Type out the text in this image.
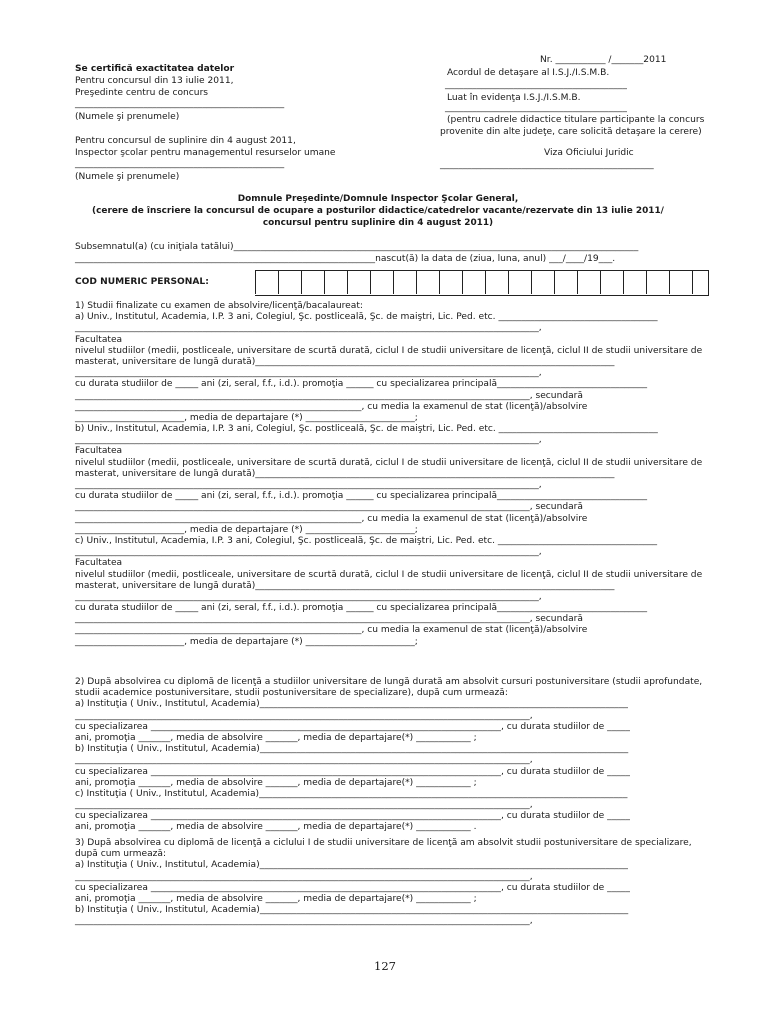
Se certifică exactitatea datelor
Pentru concursul din 13 iulie 2011,
Preşedinte centru de concurs
______________________________________________
(Numele şi prenumele)
Pentru concursul de suplinire din 4 august 2011,
Inspector şcolar pentru managementul resurselor umane
______________________________________________
(Numele şi prenumele)
Nr. ___________ /_______2011
Acordul de detaşare al I.S.J./I.S.M.B.
________________________________________
Luat în evidenţa I.S.J./I.S.M.B.
________________________________________
(pentru cadrele didactice titulare participante la concurs
provenite din alte judeţe, care solicită detaşare la cerere)
Viza Oficiului Juridic
_______________________________________________
Domnule Preşedinte/Domnule Inspector Şcolar General,
(cerere de înscriere la concursul de ocupare a posturilor didactice/catedrelor vacante/rezervate din 13 iulie 2011/
concursul pentru suplinire din 4 august 2011)
Subsemnatul(a) (cu iniţiala tatălui)_________________________________________________________________________________________
__________________________________________________________________nascut(ă) la data de (ziua, luna, anul) ___/____/19___.
COD NUMERIC PERSONAL:
1) Studii finalizate cu examen de absolvire/licenţă/bacalaureat:
a) Univ., Institutul, Academia, I.P. 3 ani, Colegiul, Şc. postliceală, Şc. de maiştri, Lic. Ped. etc. ___________________________________
______________________________________________________________________________________________________,
Facultatea
nivelul studiilor (medii, postliceale, universitare de scurtă durată, ciclul I de studii universitare de licenţă, ciclul II de studii universitare de
masterat, universitare de lungă durată)_______________________________________________________________________________
______________________________________________________________________________________________________,
cu durata studiilor de _____ ani (zi, seral, f.f., i.d.). promoţia ______ cu specializarea principală_________________________________
____________________________________________________________________________________________________, secundară
_______________________________________________________________, cu media la examenul de stat (licenţă)/absolvire
________________________, media de departajare (*) ________________________;
b) Univ., Institutul, Academia, I.P. 3 ani, Colegiul, Şc. postliceală, Şc. de maiştri, Lic. Ped. etc. ___________________________________
______________________________________________________________________________________________________,
Facultatea
nivelul studiilor (medii, postliceale, universitare de scurtă durată, ciclul I de studii universitare de licenţă, ciclul II de studii universitare de
masterat, universitare de lungă durată)_______________________________________________________________________________
______________________________________________________________________________________________________,
cu durata studiilor de _____ ani (zi, seral, f.f., i.d.). promoţia ______ cu specializarea principală_________________________________
____________________________________________________________________________________________________, secundară
_______________________________________________________________, cu media la examenul de stat (licenţă)/absolvire
________________________, media de departajare (*) ________________________;
c) Univ., Institutul, Academia, I.P. 3 ani, Colegiul, Şc. postliceală, Şc. de maiştri, Lic. Ped. etc. ___________________________________
______________________________________________________________________________________________________,
Facultatea
nivelul studiilor (medii, postliceale, universitare de scurtă durată, ciclul I de studii universitare de licenţă, ciclul II de studii universitare de
masterat, universitare de lungă durată)_______________________________________________________________________________
______________________________________________________________________________________________________,
cu durata studiilor de _____ ani (zi, seral, f.f., i.d.). promoţia ______ cu specializarea principală_________________________________
____________________________________________________________________________________________________, secundară
_______________________________________________________________, cu media la examenul de stat (licenţă)/absolvire
________________________, media de departajare (*) ________________________;
2) După absolvirea cu diplomă de licenţă a studiilor universitare de lungă durată am absolvit cursuri postuniversitare (studii aprofundate,
studii academice postuniversitare, studii postuniversitare de specializare), după cum urmează:
a) Instituţia ( Univ., Institutul, Academia)_________________________________________________________________________________
____________________________________________________________________________________________________,
cu specializarea _____________________________________________________________________________, cu durata studiilor de _____
ani, promoţia _______, media de absolvire _______, media de departajare(*) ____________ ;
b) Instituţia ( Univ., Institutul, Academia)_________________________________________________________________________________
____________________________________________________________________________________________________,
cu specializarea _____________________________________________________________________________, cu durata studiilor de _____
ani, promoţia _______, media de absolvire _______, media de departajare(*) ____________ ;
c) Instituţia ( Univ., Institutul, Academia)_________________________________________________________________________________
____________________________________________________________________________________________________,
cu specializarea _____________________________________________________________________________, cu durata studiilor de _____
ani, promoţia _______, media de absolvire _______, media de departajare(*) ____________ .
3) După absolvirea cu diplomă de licenţă a ciclului I de studii universitare de licenţă am absolvit studii postuniversitare de specializare,
după cum urmează:
a) Instituţia ( Univ., Institutul, Academia)_________________________________________________________________________________
____________________________________________________________________________________________________,
cu specializarea _____________________________________________________________________________, cu durata studiilor de _____
ani, promoţia _______, media de absolvire _______, media de departajare(*) ____________ ;
b) Instituţia ( Univ., Institutul, Academia)_________________________________________________________________________________
____________________________________________________________________________________________________,
127
